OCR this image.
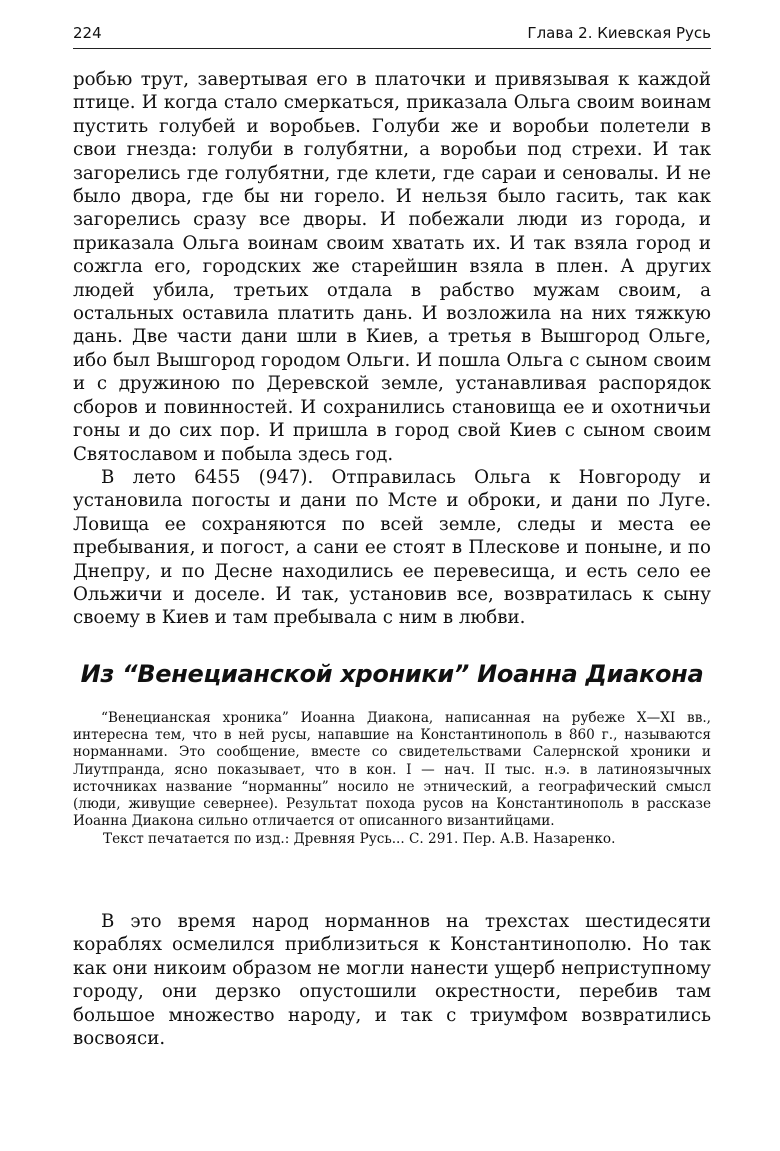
224	Глава 2. Киевская Русь

робью трут, завертывая его в платочки и привязывая к каждой птице. И когда стало смеркаться, приказала Ольга своим воинам пустить голубей и воробьев. Голуби же и воробьи полетели в свои гнезда: голуби в голубятни, а воробьи под стрехи. И так загорелись где голубятни, где клети, где сараи и сеновалы. И не было двора, где бы ни горело. И нельзя было гасить, так как загорелись сразу все дворы. И побежали люди из города, и приказала Ольга воинам своим хватать их. И так взяла город и сожгла его, городских же старейшин взяла в плен. А других людей убила, третьих отдала в рабство мужам своим, а остальных оставила платить дань. И возложила на них тяжкую дань. Две части дани шли в Киев, а третья в Вышгород Ольге, ибо был Вышгород городом Ольги. И пошла Ольга с сыном своим и с дружиною по Деревской земле, устанавливая распорядок сборов и повинностей. И сохранились становища ее и охотничьи гоны и до сих пор. И пришла в город свой Киев с сыном своим Святославом и побыла здесь год.

В лето 6455 (947). Отправилась Ольга к Новгороду и установила погосты и дани по Мсте и оброки, и дани по Луге. Ловища ее сохраняются по всей земле, следы и места ее пребывания, и погост, а сани ее стоят в Плескове и поныне, и по Днепру, и по Десне находились ее перевесища, и есть село ее Ольжичи и доселе. И так, установив все, возвратилась к сыну своему в Киев и там пребывала с ним в любви.

Из “Венецианской хроники” Иоанна Диакона

“Венецианская хроника” Иоанна Диакона, написанная на рубеже X—XI вв., интересна тем, что в ней русы, напавшие на Константинополь в 860 г., называются норманнами. Это сообщение, вместе со свидетельствами Салернской хроники и Лиутпранда, ясно показывает, что в кон. I — нач. II тыс. н.э. в латиноязычных источниках название “норманны” носило не этнический, а географический смысл (люди, живущие севернее). Результат похода русов на Константинополь в рассказе Иоанна Диакона сильно отличается от описанного византийцами.

Текст печатается по изд.: Древняя Русь... С. 291. Пер. А.В. Назаренко.

В это время народ норманнов на трехстах шестидесяти кораблях осмелился приблизиться к Константинополю. Но так как они никоим образом не могли нанести ущерб неприступному городу, они дерзко опустошили окрестности, перебив там большое множество народу, и так с триумфом возвратились восвояси.
